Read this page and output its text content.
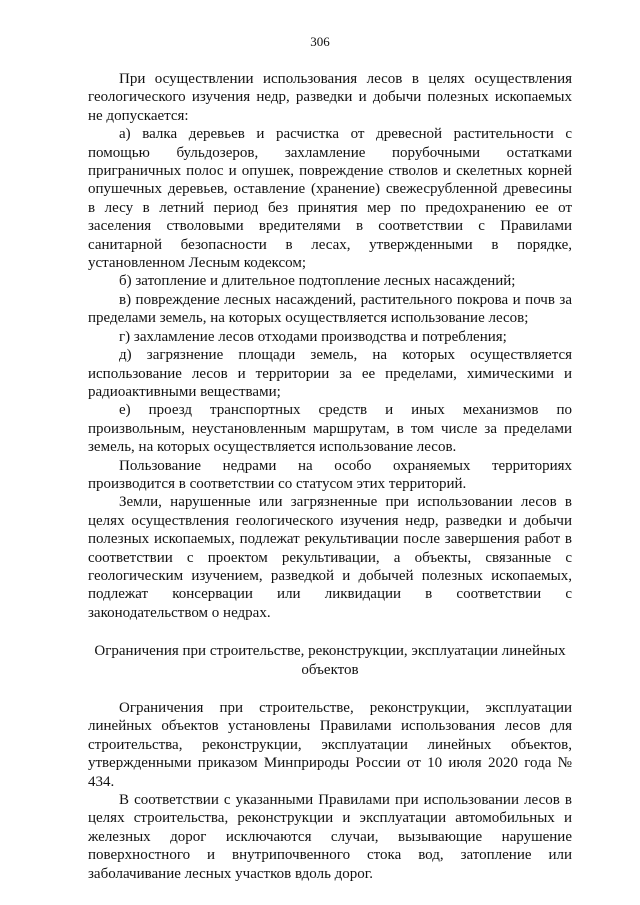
306

При осуществлении использования лесов в целях осуществления геологического изучения недр, разведки и добычи полезных ископаемых не допускается:

а) валка деревьев и расчистка от древесной растительности с помощью бульдозеров, захламление порубочными остатками приграничных полос и опушек, повреждение стволов и скелетных корней опушечных деревьев, оставление (хранение) свежесрубленной древесины в лесу в летний период без принятия мер по предохранению ее от заселения стволовыми вредителями в соответствии с Правилами санитарной безопасности в лесах, утвержденными в порядке, установленном Лесным кодексом;

б) затопление и длительное подтопление лесных насаждений;

в) повреждение лесных насаждений, растительного покрова и почв за пределами земель, на которых осуществляется использование лесов;

г) захламление лесов отходами производства и потребления;

д) загрязнение площади земель, на которых осуществляется использование лесов и территории за ее пределами, химическими и радиоактивными веществами;

е) проезд транспортных средств и иных механизмов по произвольным, неустановленным маршрутам, в том числе за пределами земель, на которых осуществляется использование лесов.

Пользование недрами на особо охраняемых территориях производится в соответствии со статусом этих территорий.

Земли, нарушенные или загрязненные при использовании лесов в целях осуществления геологического изучения недр, разведки и добычи полезных ископаемых, подлежат рекультивации после завершения работ в соответствии с проектом рекультивации, а объекты, связанные с геологическим изучением, разведкой и добычей полезных ископаемых, подлежат консервации или ликвидации в соответствии с законодательством о недрах.

Ограничения при строительстве, реконструкции, эксплуатации линейных объектов

Ограничения при строительстве, реконструкции, эксплуатации линейных объектов установлены Правилами использования лесов для строительства, реконструкции, эксплуатации линейных объектов, утвержденными приказом Минприроды России от 10 июля 2020 года № 434.

В соответствии с указанными Правилами при использовании лесов в целях строительства, реконструкции и эксплуатации автомобильных и железных дорог исключаются случаи, вызывающие нарушение поверхностного и внутрипочвенного стока вод, затопление или заболачивание лесных участков вдоль дорог.
